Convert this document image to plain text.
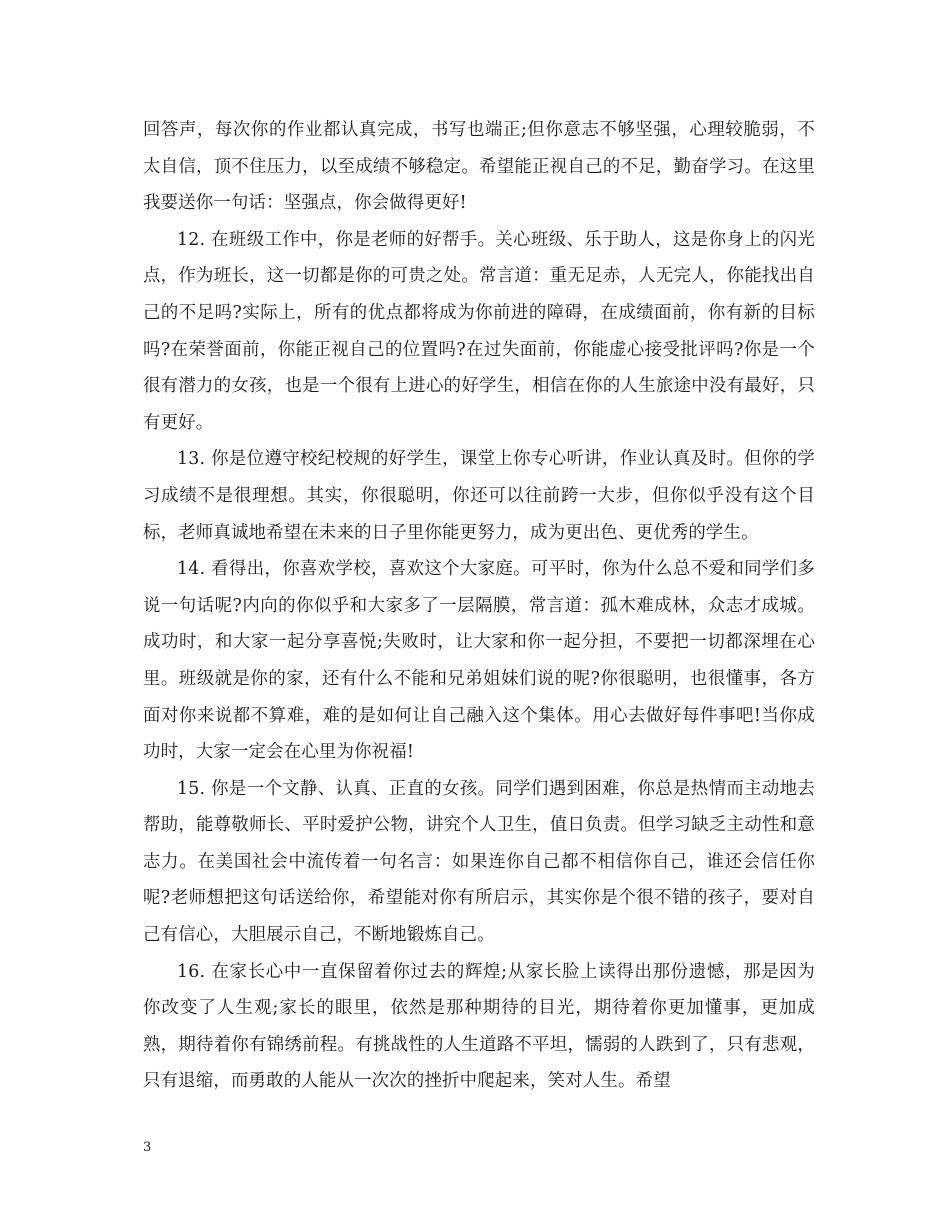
回答声，每次你的作业都认真完成，书写也端正;但你意志不够坚强，心理较脆弱，不太自信，顶不住压力，以至成绩不够稳定。希望能正视自己的不足，勤奋学习。在这里我要送你一句话：坚强点，你会做得更好!

12. 在班级工作中，你是老师的好帮手。关心班级、乐于助人，这是你身上的闪光点，作为班长，这一切都是你的可贵之处。常言道：重无足赤，人无完人，你能找出自己的不足吗?实际上，所有的优点都将成为你前进的障碍，在成绩面前，你有新的目标吗?在荣誉面前，你能正视自己的位置吗?在过失面前，你能虚心接受批评吗?你是一个很有潜力的女孩，也是一个很有上进心的好学生，相信在你的人生旅途中没有最好，只有更好。

13. 你是位遵守校纪校规的好学生，课堂上你专心听讲，作业认真及时。但你的学习成绩不是很理想。其实，你很聪明，你还可以往前跨一大步，但你似乎没有这个目标，老师真诚地希望在未来的日子里你能更努力，成为更出色、更优秀的学生。

14. 看得出，你喜欢学校，喜欢这个大家庭。可平时，你为什么总不爱和同学们多说一句话呢?内向的你似乎和大家多了一层隔膜，常言道：孤木难成林，众志才成城。成功时，和大家一起分享喜悦;失败时，让大家和你一起分担，不要把一切都深埋在心里。班级就是你的家，还有什么不能和兄弟姐妹们说的呢?你很聪明，也很懂事，各方面对你来说都不算难，难的是如何让自己融入这个集体。用心去做好每件事吧!当你成功时，大家一定会在心里为你祝福!

15. 你是一个文静、认真、正直的女孩。同学们遇到困难，你总是热情而主动地去帮助，能尊敬师长、平时爱护公物，讲究个人卫生，值日负责。但学习缺乏主动性和意志力。在美国社会中流传着一句名言：如果连你自己都不相信你自己，谁还会信任你呢?老师想把这句话送给你，希望能对你有所启示，其实你是个很不错的孩子，要对自己有信心，大胆展示自己，不断地锻炼自己。

16. 在家长心中一直保留着你过去的辉煌;从家长脸上读得出那份遗憾，那是因为你改变了人生观;家长的眼里，依然是那种期待的目光，期待着你更加懂事，更加成熟，期待着你有锦绣前程。有挑战性的人生道路不平坦，懦弱的人跌到了，只有悲观，只有退缩，而勇敢的人能从一次次的挫折中爬起来，笑对人生。希望

3
